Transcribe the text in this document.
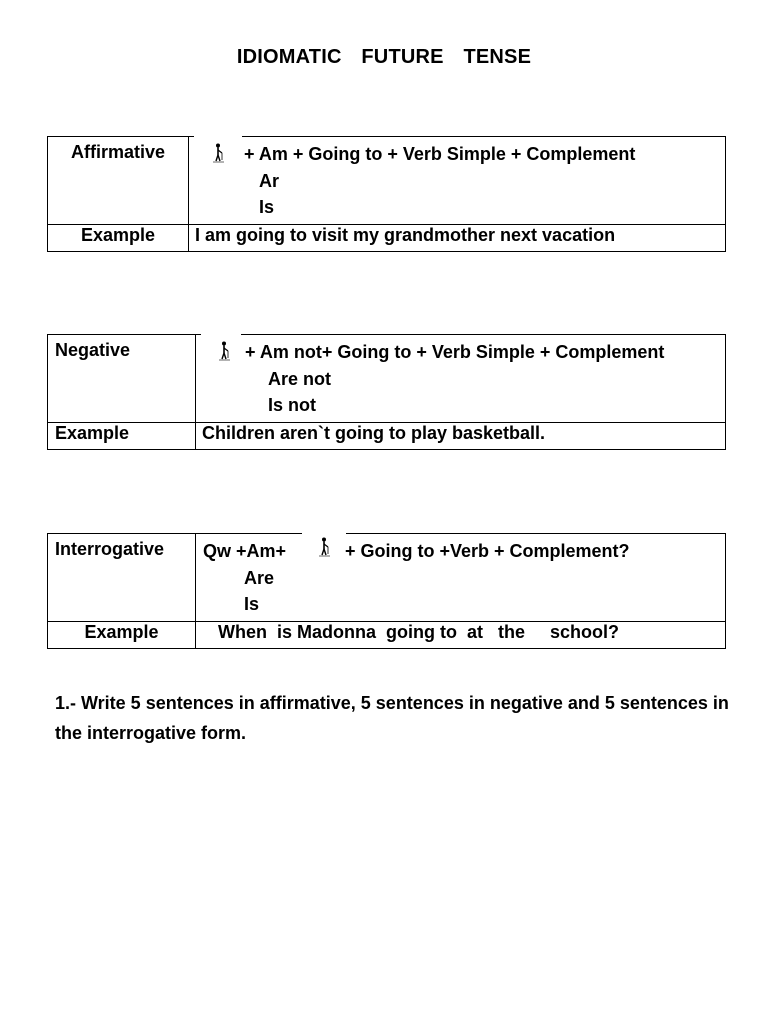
IDIOMATIC FUTURE TENSE
Affirmative	+ Am + Going to + Verb Simple + Complement
Ar
Is

Example	I am going to visit my grandmother next vacation
Negative	+ Am not+ Going to + Verb Simple + Complement
Are not
Is not

Example	Children aren`t going to play basketball.
Interrogative	Qw +Am+ + Going to +Verb + Complement?
Are
Is

Example	When  is Madonna  going to  at   the     school?
1.- Write 5 sentences in affirmative, 5 sentences in negative and 5 sentences in the interrogative form.
